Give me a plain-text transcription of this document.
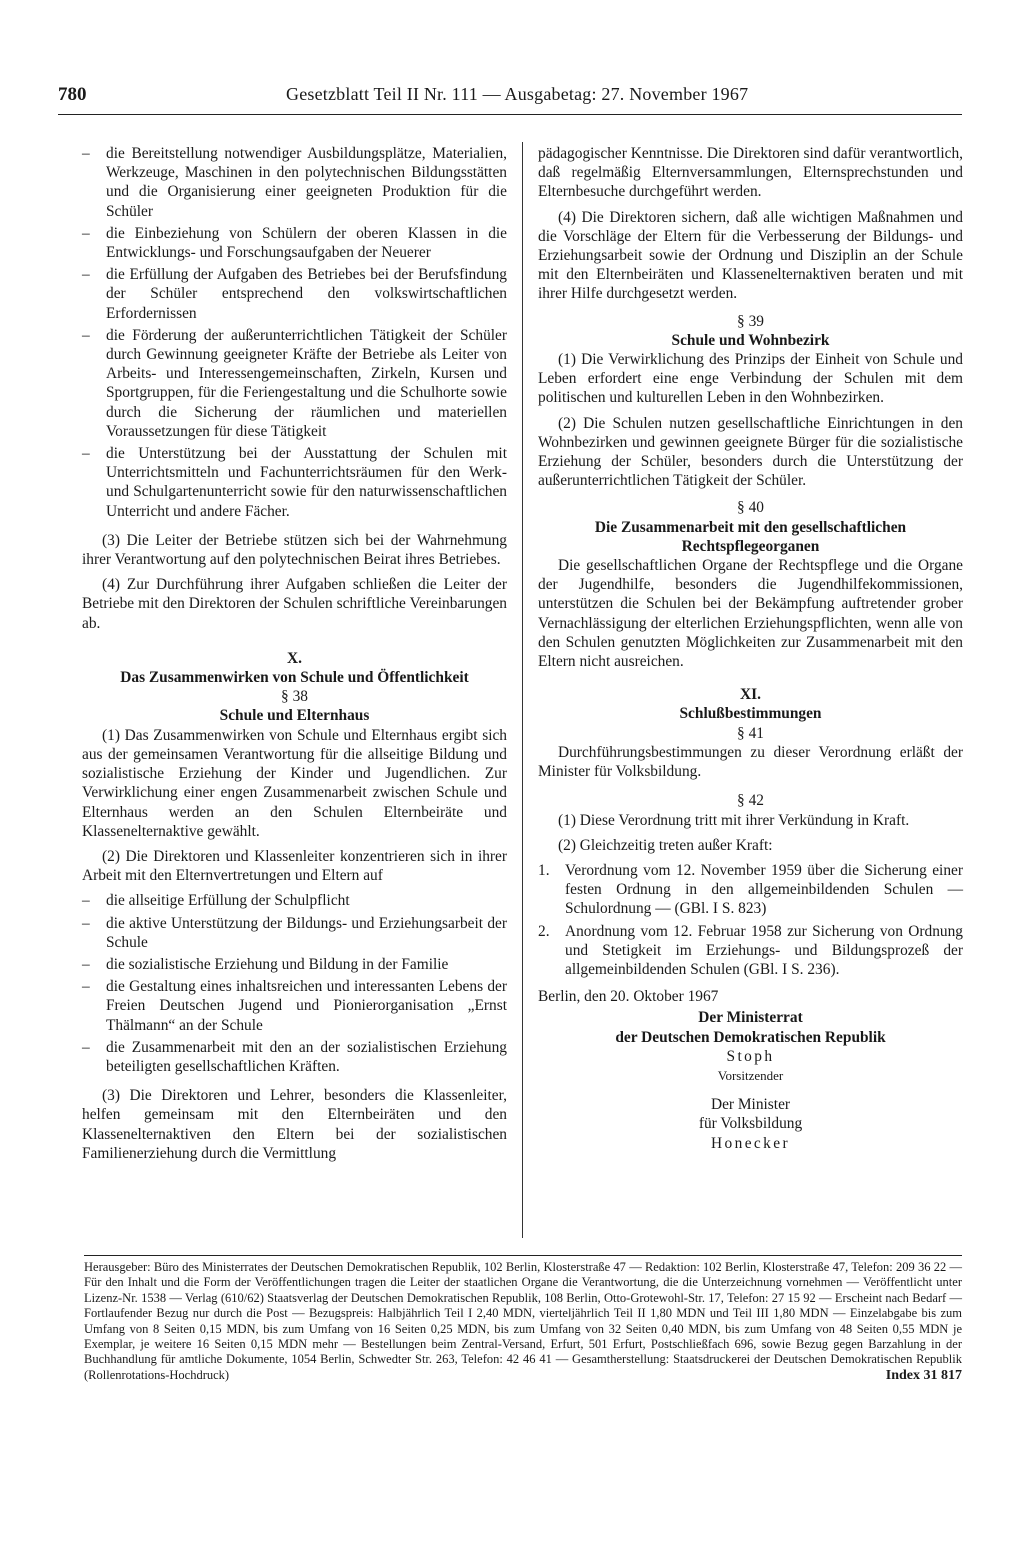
780	Gesetzblatt Teil II Nr. 111 — Ausgabetag: 27. November 1967
– die Bereitstellung notwendiger Ausbildungsplätze, Materialien, Werkzeuge, Maschinen in den polytechnischen Bildungsstätten und die Organisierung einer geeigneten Produktion für die Schüler
– die Einbeziehung von Schülern der oberen Klassen in die Entwicklungs- und Forschungsaufgaben der Neuerer
– die Erfüllung der Aufgaben des Betriebes bei der Berufsfindung der Schüler entsprechend den volkswirtschaftlichen Erfordernissen
– die Förderung der außerunterrichtlichen Tätigkeit der Schüler durch Gewinnung geeigneter Kräfte der Betriebe als Leiter von Arbeits- und Interessengemeinschaften, Zirkeln, Kursen und Sportgruppen, für die Feriengestaltung und die Schulhorte sowie durch die Sicherung der räumlichen und materiellen Voraussetzungen für diese Tätigkeit
– die Unterstützung bei der Ausstattung der Schulen mit Unterrichtsmitteln und Fachunterrichtsräumen für den Werk- und Schulgartenunterricht sowie für den naturwissenschaftlichen Unterricht und andere Fächer.

(3) Die Leiter der Betriebe stützen sich bei der Wahrnehmung ihrer Verantwortung auf den polytechnischen Beirat ihres Betriebes.

(4) Zur Durchführung ihrer Aufgaben schließen die Leiter der Betriebe mit den Direktoren der Schulen schriftliche Vereinbarungen ab.

X.

Das Zusammenwirken von Schule und Öffentlichkeit

§ 38

Schule und Elternhaus

(1) Das Zusammenwirken von Schule und Elternhaus ergibt sich aus der gemeinsamen Verantwortung für die allseitige Bildung und sozialistische Erziehung der Kinder und Jugendlichen. Zur Verwirklichung einer engen Zusammenarbeit zwischen Schule und Elternhaus werden an den Schulen Elternbeiräte und Klassenelternaktive gewählt.

(2) Die Direktoren und Klassenleiter konzentrieren sich in ihrer Arbeit mit den Elternvertretungen und Eltern auf

– die allseitige Erfüllung der Schulpflicht
– die aktive Unterstützung der Bildungs- und Erziehungsarbeit der Schule
– die sozialistische Erziehung und Bildung in der Familie
– die Gestaltung eines inhaltsreichen und interessanten Lebens der Freien Deutschen Jugend und Pionierorganisation „Ernst Thälmann“ an der Schule
– die Zusammenarbeit mit den an der sozialistischen Erziehung beteiligten gesellschaftlichen Kräften.

(3) Die Direktoren und Lehrer, besonders die Klassenleiter, helfen gemeinsam mit den Elternbeiräten und den Klassenelternaktiven den Eltern bei der sozialistischen Familienerziehung durch die Vermittlung

pädagogischer Kenntnisse. Die Direktoren sind dafür verantwortlich, daß regelmäßig Elternversammlungen, Elternsprechstunden und Elternbesuche durchgeführt werden.

(4) Die Direktoren sichern, daß alle wichtigen Maßnahmen und die Vorschläge der Eltern für die Verbesserung der Bildungs- und Erziehungsarbeit sowie der Ordnung und Disziplin an der Schule mit den Elternbeiräten und Klassenelternaktiven beraten und mit ihrer Hilfe durchgesetzt werden.

§ 39

Schule und Wohnbezirk

(1) Die Verwirklichung des Prinzips der Einheit von Schule und Leben erfordert eine enge Verbindung der Schulen mit dem politischen und kulturellen Leben in den Wohnbezirken.

(2) Die Schulen nutzen gesellschaftliche Einrichtungen in den Wohnbezirken und gewinnen geeignete Bürger für die sozialistische Erziehung der Schüler, besonders durch die Unterstützung der außerunterrichtlichen Tätigkeit der Schüler.

§ 40

Die Zusammenarbeit mit den gesellschaftlichen

Rechtspflegeorganen

Die gesellschaftlichen Organe der Rechtspflege und die Organe der Jugendhilfe, besonders die Jugendhilfekommissionen, unterstützen die Schulen bei der Bekämpfung auftretender grober Vernachlässigung der elterlichen Erziehungspflichten, wenn alle von den Schulen genutzten Möglichkeiten zur Zusammenarbeit mit den Eltern nicht ausreichen.

XI.

Schlußbestimmungen

§ 41

Durchführungsbestimmungen zu dieser Verordnung erläßt der Minister für Volksbildung.

§ 42

(1) Diese Verordnung tritt mit ihrer Verkündung in Kraft.

(2) Gleichzeitig treten außer Kraft:

1. Verordnung vom 12. November 1959 über die Sicherung einer festen Ordnung in den allgemeinbildenden Schulen — Schulordnung — (GBl. I S. 823)
2. Anordnung vom 12. Februar 1958 zur Sicherung von Ordnung und Stetigkeit im Erziehungs- und Bildungsprozeß der allgemeinbildenden Schulen (GBl. I S. 236).

Berlin, den 20. Oktober 1967

Der Ministerrat

der Deutschen Demokratischen Republik

Stoph

Vorsitzender

Der Minister

für Volksbildung

Honecker

Herausgeber: Büro des Ministerrates der Deutschen Demokratischen Republik, 102 Berlin, Klosterstraße 47 — Redaktion: 102 Berlin, Klosterstraße 47, Telefon: 209 36 22 — Für den Inhalt und die Form der Veröffentlichungen tragen die Leiter der staatlichen Organe die Verantwortung, die die Unterzeichnung vornehmen — Veröffentlicht unter Lizenz-Nr. 1538 — Verlag (610/62) Staatsverlag der Deutschen Demokratischen Republik, 108 Berlin, Otto-Grotewohl-Str. 17, Telefon: 27 15 92 — Erscheint nach Bedarf — Fortlaufender Bezug nur durch die Post — Bezugspreis: Halbjährlich Teil I 2,40 MDN, vierteljährlich Teil II 1,80 MDN und Teil III 1,80 MDN — Einzelabgabe bis zum Umfang von 8 Seiten 0,15 MDN, bis zum Umfang von 16 Seiten 0,25 MDN, bis zum Umfang von 32 Seiten 0,40 MDN, bis zum Umfang von 48 Seiten 0,55 MDN je Exemplar, je weitere 16 Seiten 0,15 MDN mehr — Bestellungen beim Zentral-Versand, Erfurt, 501 Erfurt, Postschließfach 696, sowie Bezug gegen Barzahlung in der Buchhandlung für amtliche Dokumente, 1054 Berlin, Schwedter Str. 263, Telefon: 42 46 41 — Gesamtherstellung: Staatsdruckerei der Deutschen Demokratischen Republik (Rollenrotations-Hochdruck)	Index 31 817
